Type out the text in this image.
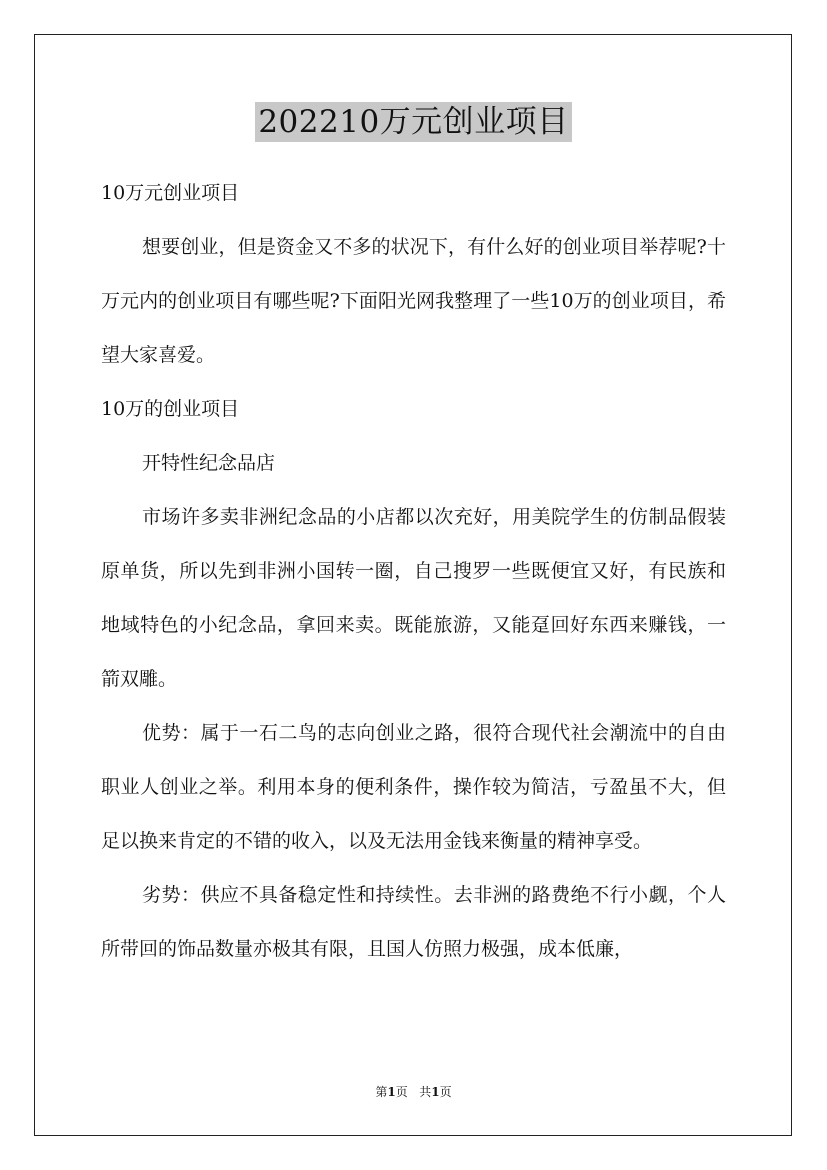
202210万元创业项目

10万元创业项目

想要创业，但是资金又不多的状况下，有什么好的创业项目举荐呢?十万元内的创业项目有哪些呢?下面阳光网我整理了一些10万的创业项目，希望大家喜爱。

10万的创业项目

开特性纪念品店

市场许多卖非洲纪念品的小店都以次充好，用美院学生的仿制品假装原单货，所以先到非洲小国转一圈，自己搜罗一些既便宜又好，有民族和地域特色的小纪念品，拿回来卖。既能旅游，又能趸回好东西来赚钱，一箭双雕。

优势：属于一石二鸟的志向创业之路，很符合现代社会潮流中的自由职业人创业之举。利用本身的便利条件，操作较为简洁，亏盈虽不大，但足以换来肯定的不错的收入，以及无法用金钱来衡量的精神享受。

劣势：供应不具备稳定性和持续性。去非洲的路费绝不行小觑，个人所带回的饰品数量亦极其有限，且国人仿照力极强，成本低廉，

第1页 共1页
